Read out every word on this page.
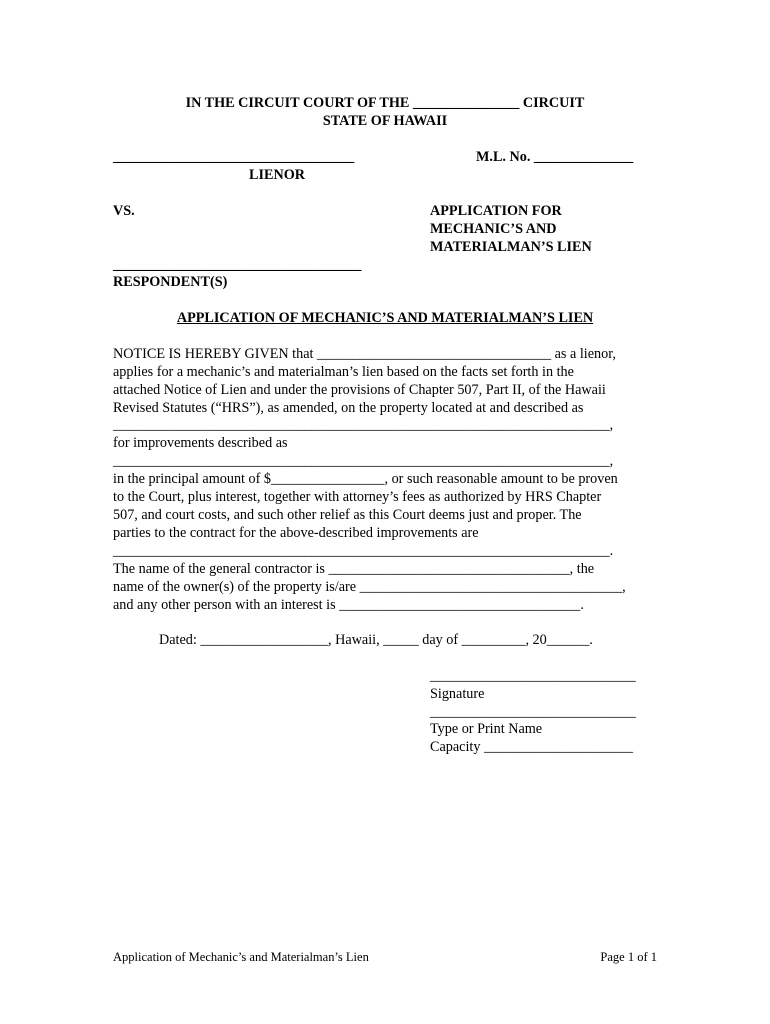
IN THE CIRCUIT COURT OF THE _______________ CIRCUIT
STATE OF HAWAII
__________________________________	M.L. No. ______________
LIENOR
VS.	APPLICATION FOR
MECHANIC’S AND
MATERIALMAN’S LIEN
___________________________________
RESPONDENT(S)
APPLICATION OF MECHANIC’S AND MATERIALMAN’S LIEN
NOTICE IS HEREBY GIVEN that _________________________________ as a lienor,
applies for a mechanic’s and materialman’s lien based on the facts set forth in the
attached Notice of Lien and under the provisions of Chapter 507, Part II, of the Hawaii
Revised Statutes (“HRS”), as amended, on the property located at and described as
______________________________________________________________________,
for improvements described as
______________________________________________________________________,
in the principal amount of $________________, or such reasonable amount to be proven
to the Court, plus interest, together with attorney’s fees as authorized by HRS Chapter
507, and court costs, and such other relief as this Court deems just and proper. The
parties to the contract for the above-described improvements are
______________________________________________________________________.
The name of the general contractor is __________________________________, the
name of the owner(s) of the property is/are _____________________________________,
and any other person with an interest is __________________________________.
Dated: __________________, Hawaii, _____ day of _________, 20______.
_____________________________
Signature
_____________________________
Type or Print Name
Capacity _____________________
Application of Mechanic’s and Materialman’s Lien	Page 1 of 1
